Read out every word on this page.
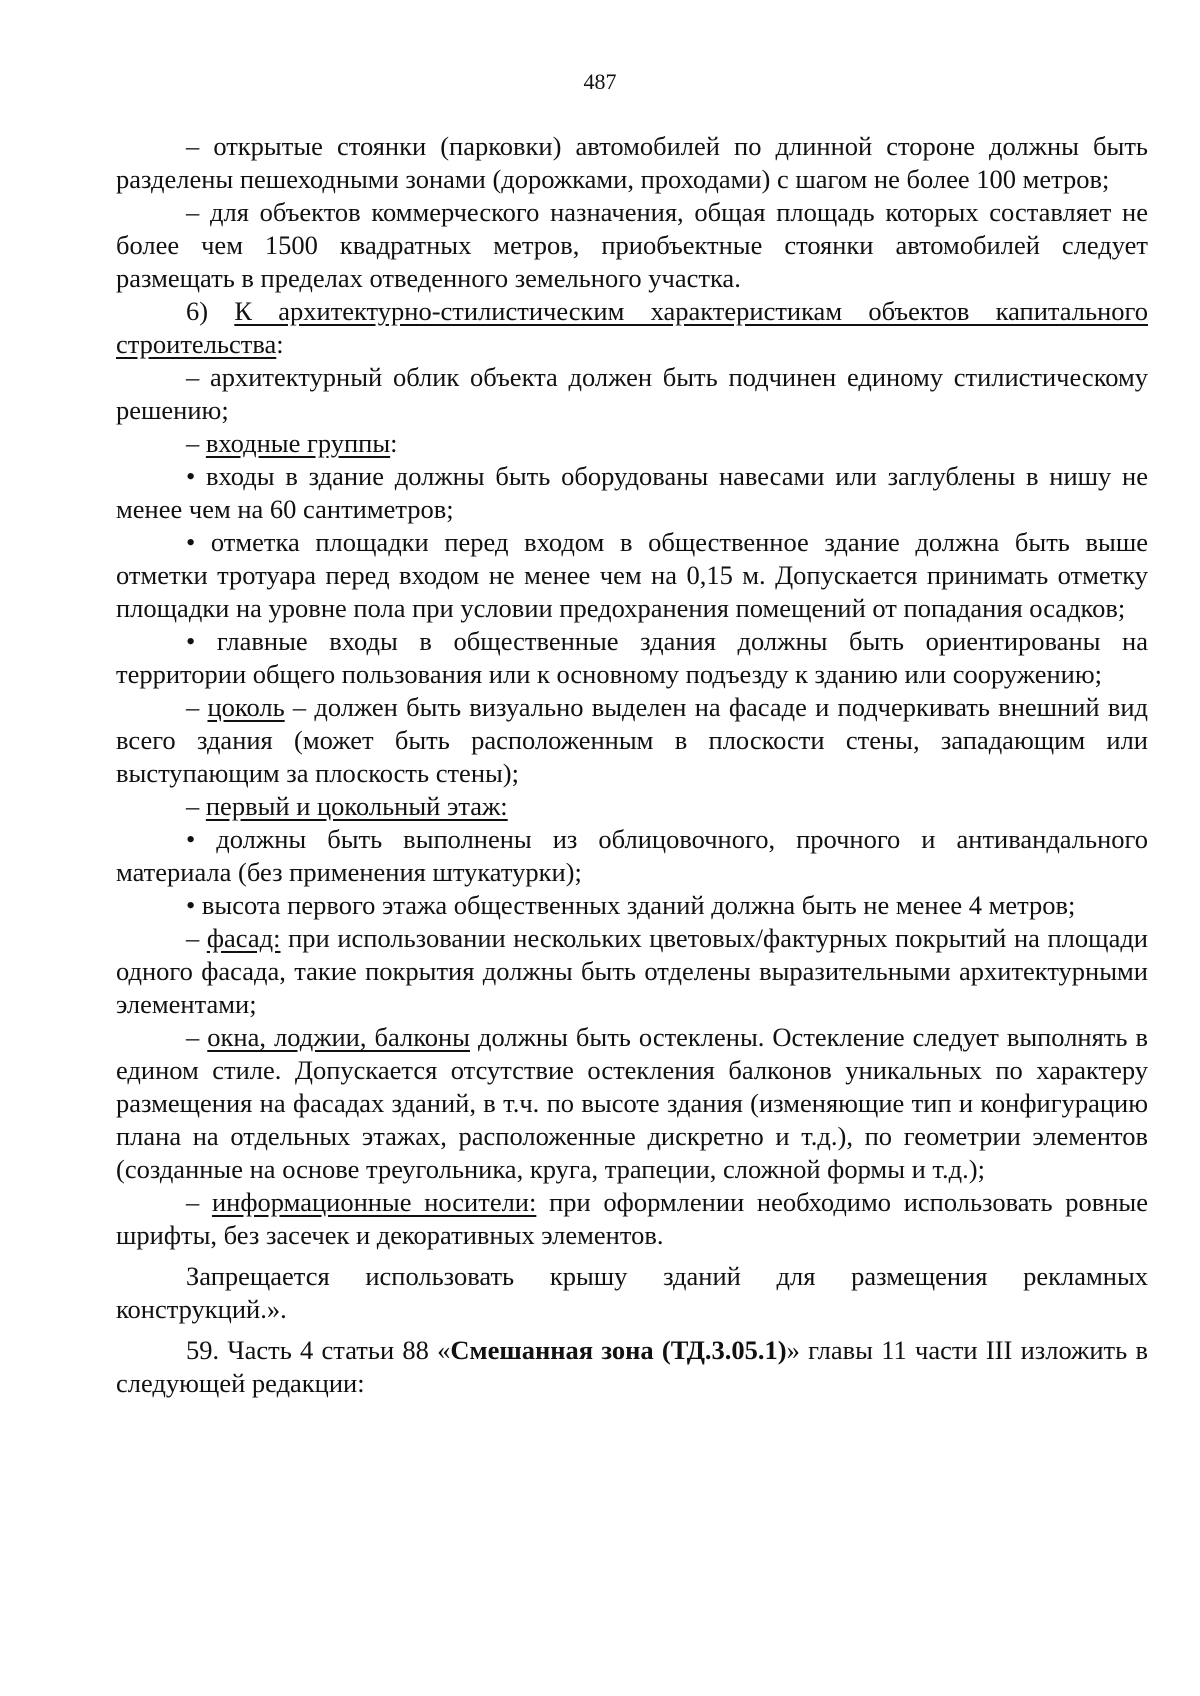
487

– открытые стоянки (парковки) автомобилей по длинной стороне должны быть разделены пешеходными зонами (дорожками, проходами) с шагом не более 100 метров;

– для объектов коммерческого назначения, общая площадь которых составляет не более чем 1500 квадратных метров, приобъектные стоянки автомобилей следует размещать в пределах отведенного земельного участка.

6) К архитектурно-стилистическим характеристикам объектов капитального строительства:

– архитектурный облик объекта должен быть подчинен единому стилистическому решению;

– входные группы:

• входы в здание должны быть оборудованы навесами или заглублены в нишу не менее чем на 60 сантиметров;

• отметка площадки перед входом в общественное здание должна быть выше отметки тротуара перед входом не менее чем на 0,15 м. Допускается принимать отметку площадки на уровне пола при условии предохранения помещений от попадания осадков;

• главные входы в общественные здания должны быть ориентированы на территории общего пользования или к основному подъезду к зданию или сооружению;

– цоколь – должен быть визуально выделен на фасаде и подчеркивать внешний вид всего здания (может быть расположенным в плоскости стены, западающим или выступающим за плоскость стены);

– первый и цокольный этаж:

• должны быть выполнены из облицовочного, прочного и антивандального материала (без применения штукатурки);

• высота первого этажа общественных зданий должна быть не менее 4 метров;

– фасад: при использовании нескольких цветовых/фактурных покрытий на площади одного фасада, такие покрытия должны быть отделены выразительными архитектурными элементами;

– окна, лоджии, балконы должны быть остеклены. Остекление следует выполнять в едином стиле. Допускается отсутствие остекления балконов уникальных по характеру размещения на фасадах зданий, в т.ч. по высоте здания (изменяющие тип и конфигурацию плана на отдельных этажах, расположенные дискретно и т.д.), по геометрии элементов (созданные на основе треугольника, круга, трапеции, сложной формы и т.д.);

– информационные носители: при оформлении необходимо использовать ровные шрифты, без засечек и декоративных элементов.

Запрещается использовать крышу зданий для размещения рекламных конструкций.».

59. Часть 4 статьи 88 «Смешанная зона (ТД.3.05.1)» главы 11 части III изложить в следующей редакции:
